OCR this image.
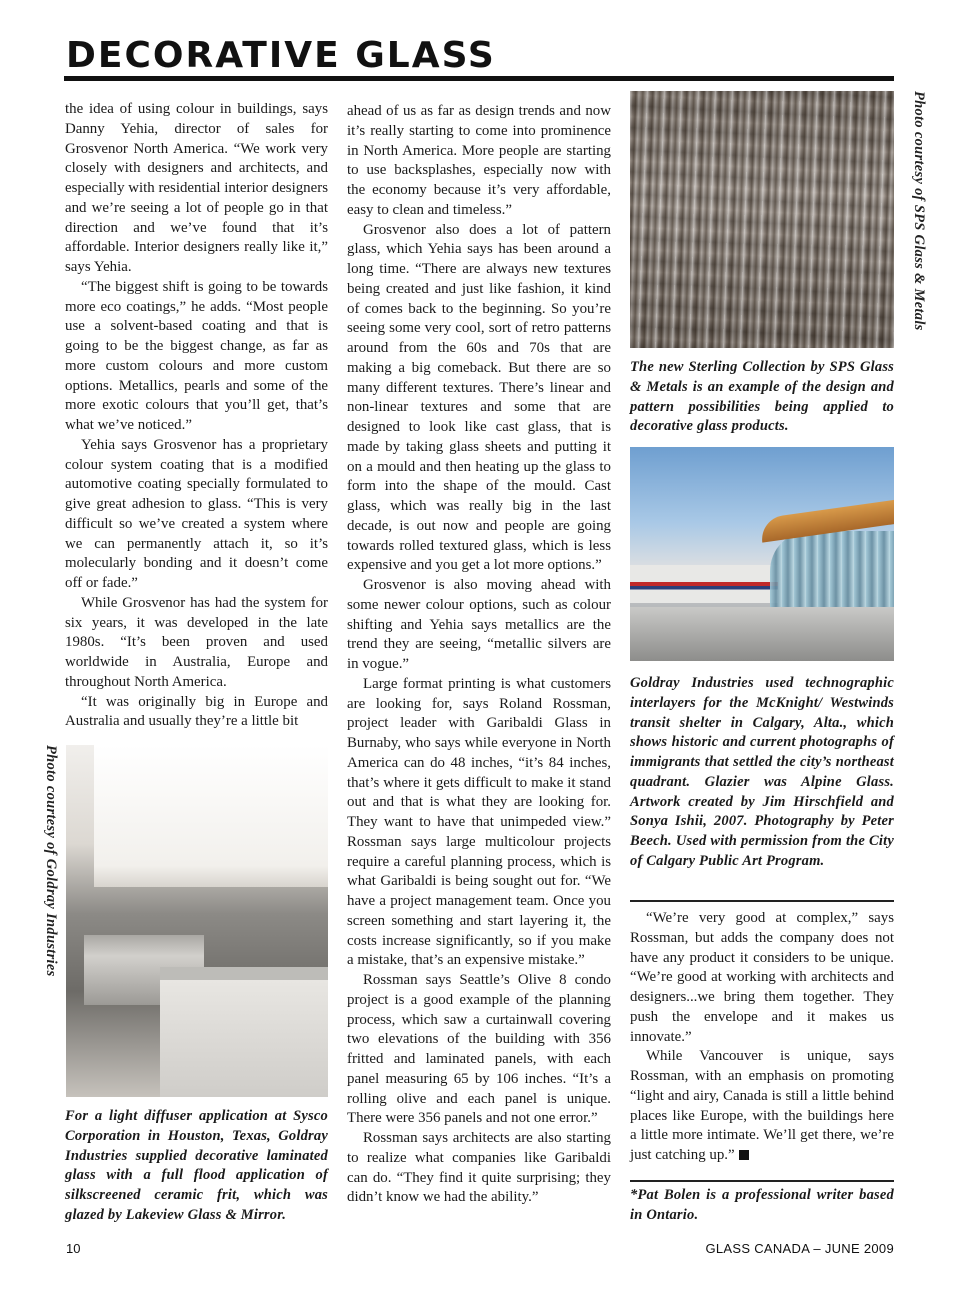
DECORATIVE GLASS

the idea of using colour in buildings, says Danny Yehia, director of sales for Grosvenor North America. “We work very closely with designers and architects, and especially with residential interior designers and we’re seeing a lot of people go in that direction and we’ve found that it’s affordable. Interior designers really like it,” says Yehia.

“The biggest shift is going to be towards more eco coatings,” he adds. “Most people use a solvent-based coating and that is going to be the biggest change, as far as more custom colours and more custom options. Metallics, pearls and some of the more exotic colours that you’ll get, that’s what we’ve noticed.”

Yehia says Grosvenor has a proprietary colour system coating that is a modified automotive coating specially formulated to give great adhesion to glass. “This is very difficult so we’ve created a system where we can permanently attach it, so it’s molecularly bonding and it doesn’t come off or fade.”

While Grosvenor has had the system for six years, it was developed in the late 1980s. “It’s been proven and used worldwide in Australia, Europe and throughout North America.

“It was originally big in Europe and Australia and usually they’re a little bit

ahead of us as far as design trends and now it’s really starting to come into prominence in North America. More people are starting to use backsplashes, especially now with the economy because it’s very affordable, easy to clean and timeless.”

Grosvenor also does a lot of pattern glass, which Yehia says has been around a long time. “There are always new textures being created and just like fashion, it kind of comes back to the beginning. So you’re seeing some very cool, sort of retro patterns around from the 60s and 70s that are making a big comeback. But there are so many different textures. There’s linear and non-linear textures and some that are designed to look like cast glass, that is made by taking glass sheets and putting it on a mould and then heating up the glass to form into the shape of the mould. Cast glass, which was really big in the last decade, is out now and people are going towards rolled textured glass, which is less expensive and you get a lot more options.”

Grosvenor is also moving ahead with some newer colour options, such as colour shifting and Yehia says metallics are the trend they are seeing, “metallic silvers are in vogue.”

Large format printing is what customers are looking for, says Roland Rossman, project leader with Garibaldi Glass in Burnaby, who says while everyone in North America can do 48 inches, “it’s 84 inches, that’s where it gets difficult to make it stand out and that is what they are looking for. They want to have that unimpeded view.” Rossman says large multicolour projects require a careful planning process, which is what Garibaldi is being sought out for. “We have a project management team. Once you screen something and start layering it, the costs increase significantly, so if you make a mistake, that’s an expensive mistake.”

Rossman says Seattle’s Olive 8 condo project is a good example of the planning process, which saw a curtainwall covering two elevations of the building with 356 fritted and laminated panels, with each panel measuring 65 by 106 inches. “It’s a rolling olive and each panel is unique. There were 356 panels and not one error.”

Rossman says architects are also starting to realize what companies like Garibaldi can do. “They find it quite surprising; they didn’t know we had the ability.”

Photo courtesy of SPS Glass & Metals
The new Sterling Collection by SPS Glass & Metals is an example of the design and pattern possibilities being applied to decorative glass products.
Goldray Industries used technographic interlayers for the McKnight/ Westwinds transit shelter in Calgary, Alta., which shows historic and current photographs of immigrants that settled the city’s northeast quadrant. Glazier was Alpine Glass. Artwork created by Jim Hirschfield and Sonya Ishii, 2007. Photography by Peter Beech. Used with permission from the City of Calgary Public Art Program.

“We’re very good at complex,” says Rossman, but adds the company does not have any product it considers to be unique. “We’re good at working with architects and designers...we bring them together. They push the envelope and it makes us innovate.”

While Vancouver is unique, says Rossman, with an emphasis on promoting “light and airy, Canada is still a little behind places like Europe, with the buildings here a little more intimate. We’ll get there, we’re just catching up.”

*Pat Bolen is a professional writer based in Ontario.
Photo courtesy of Goldray Industries
For a light diffuser application at Sysco Corporation in Houston, Texas, Goldray Industries supplied decorative laminated glass with a full flood application of silkscreened ceramic frit, which was glazed by Lakeview Glass & Mirror.
10	GLASS CANADA – JUNE 2009
